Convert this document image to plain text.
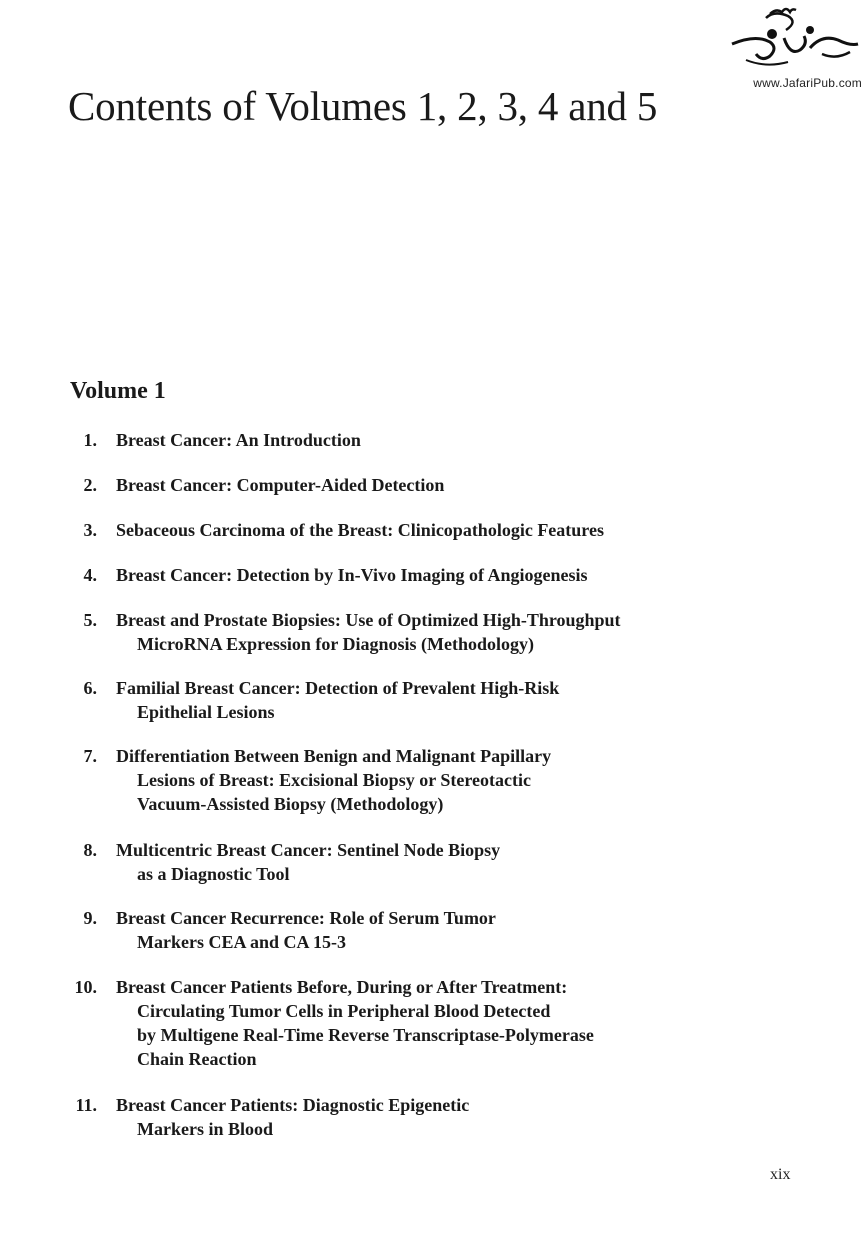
www.JafariPub.com
Contents of Volumes 1, 2, 3, 4 and 5
Volume 1
1. Breast Cancer: An Introduction
2. Breast Cancer: Computer-Aided Detection
3. Sebaceous Carcinoma of the Breast: Clinicopathologic Features
4. Breast Cancer: Detection by In-Vivo Imaging of Angiogenesis
5. Breast and Prostate Biopsies: Use of Optimized High-Throughput
MicroRNA Expression for Diagnosis (Methodology)
6. Familial Breast Cancer: Detection of Prevalent High-Risk
Epithelial Lesions
7. Differentiation Between Benign and Malignant Papillary
Lesions of Breast: Excisional Biopsy or Stereotactic
Vacuum-Assisted Biopsy (Methodology)
8. Multicentric Breast Cancer: Sentinel Node Biopsy
as a Diagnostic Tool
9. Breast Cancer Recurrence: Role of Serum Tumor
Markers CEA and CA 15-3
10. Breast Cancer Patients Before, During or After Treatment:
Circulating Tumor Cells in Peripheral Blood Detected
by Multigene Real-Time Reverse Transcriptase-Polymerase
Chain Reaction
11. Breast Cancer Patients: Diagnostic Epigenetic
Markers in Blood
xix
